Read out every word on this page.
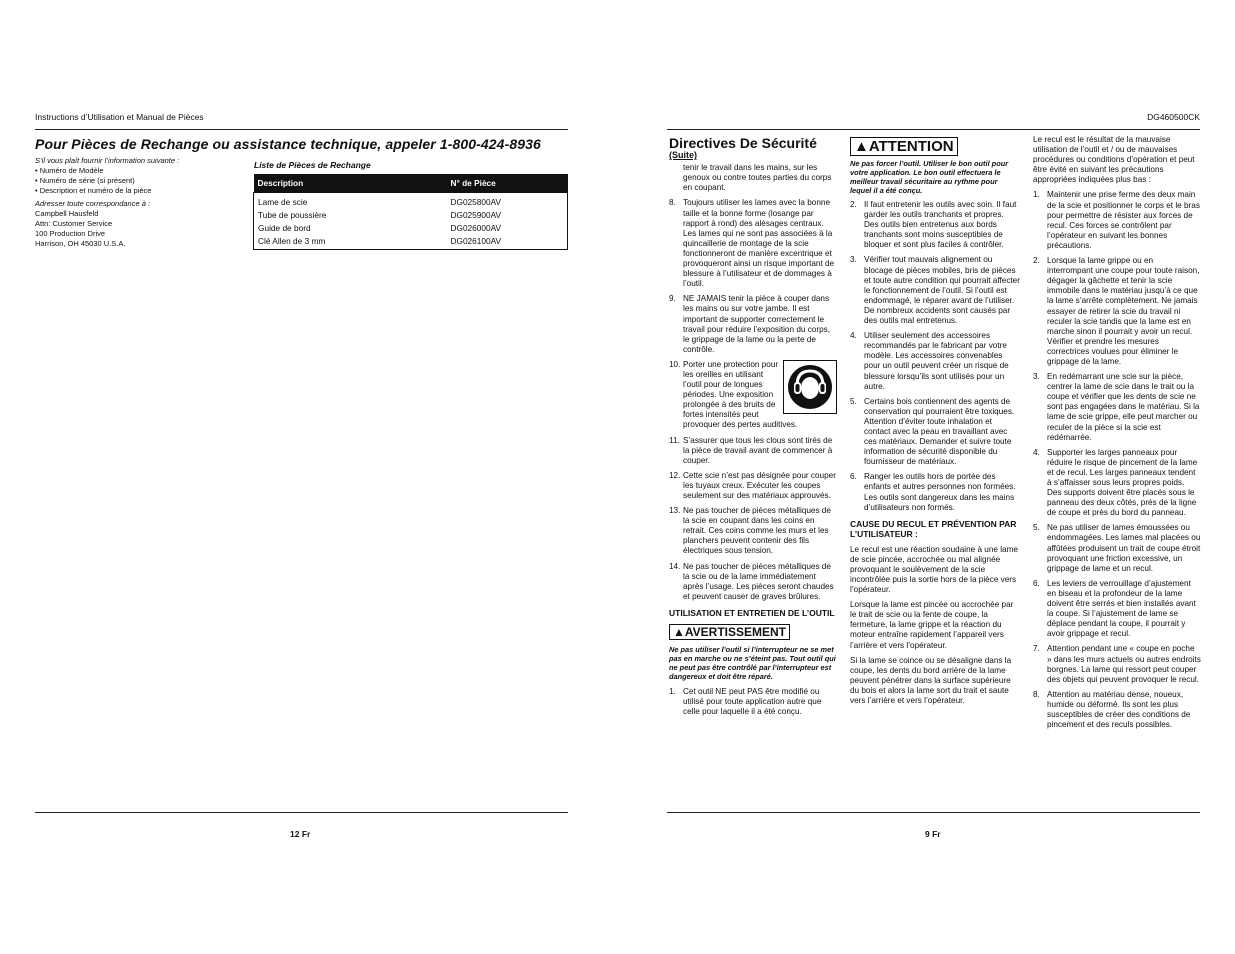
Instructions d’Utilisation et Manual de Pièces
Pour Pièces de Rechange ou assistance technique, appeler 1-800-424-8936
S’il vous plaît fournir l’information suivante :
• Numéro de Modèle
• Numéro de série (si présent)
• Description et numéro de la pièce
Adresser toute correspondance à :
Campbell Hausfeld
Attn: Customer Service
100 Production Drive
Harrison, OH 45030 U.S.A.
Liste de Pièces de Rechange
Description	N° de Pièce
Lame de scie	DG025800AV
Tube de poussière	DG025900AV
Guide de bord	DG026000AV
Clé Allen de 3 mm	DG026100AV
12 Fr
DG460500CK
Directives De Sécurité
(Suite)

tenir le travail dans les mains, sur les genoux ou contre toutes parties du corps en coupant.

8. Toujours utiliser les lames avec la bonne taille et la bonne forme (losange par rapport à rond) des alésages centraux. Les lames qui ne sont pas associées à la quincaillerie de montage de la scie fonctionneront de manière excentrique et provoqueront ainsi un risque important de blessure à l’utilisateur et de dommages à l’outil.
9. NE JAMAIS tenir la pièce à couper dans les mains ou sur votre jambe. Il est important de supporter correctement le travail pour réduire l’exposition du corps, le grippage de la lame ou la perte de contrôle.
10. Porter une protection pour les oreilles en utilisant l’outil pour de longues périodes. Une exposition prolongée à des bruits de fortes intensités peut provoquer des pertes auditives.
11. S’assurer que tous les clous sont tirés de la pièce de travail avant de commencer à couper.
12. Cette scie n’est pas désignée pour couper les tuyaux creux. Exécuter les coupes seulement sur des matériaux approuvés.
13. Ne pas toucher de pièces métalliques de la scie en coupant dans les coins en retrait. Ces coins comme les murs et les planchers peuvent contenir des fils électriques sous tension.
14. Ne pas toucher de pièces métalliques de la scie ou de la lame immédiatement après l’usage. Les pièces seront chaudes et peuvent causer de graves brûlures.
UTILISATION ET ENTRETIEN DE L’OUTIL
▲AVERTISSEMENT
Ne pas utiliser l’outil si l’interrupteur ne se met pas en marche ou ne s’éteint pas. Tout outil qui ne peut pas être contrôlé par l’interrupteur est dangereux et doit être réparé.
1. Cet outil NE peut PAS être modifié ou utilisé pour toute application autre que celle pour laquelle il a été conçu.
▲ATTENTION
Ne pas forcer l’outil. Utiliser le bon outil pour votre application. Le bon outil effectuera le meilleur travail sécuritaire au rythme pour lequel il a été conçu.
2. Il faut entretenir les outils avec soin. Il faut garder les outils tranchants et propres. Des outils bien entretenus aux bords tranchants sont moins susceptibles de bloquer et sont plus faciles à contrôler.
3. Vérifier tout mauvais alignement ou blocage de pièces mobiles, bris de pièces et toute autre condition qui pourrait affecter le fonctionnement de l’outil. Si l’outil est endommagé, le réparer avant de l’utiliser. De nombreux accidents sont causés par des outils mal entretenus.
4. Utiliser seulement des accessoires recommandés par le fabricant par votre modèle. Les accessoires convenables pour un outil peuvent créer un risque de blessure lorsqu’ils sont utilisés pour un autre.
5. Certains bois contiennent des agents de conservation qui pourraient être toxiques. Attention d’éviter toute inhalation et contact avec la peau en travaillant avec ces matériaux. Demander et suivre toute information de sécurité disponible du fournisseur de matériaux.
6. Ranger les outils hors de portée des enfants et autres personnes non formées. Les outils sont dangereux dans les mains d’utilisateurs non formés.
CAUSE DU RECUL ET PRÉVENTION PAR L’UTILISATEUR :

Le recul est une réaction soudaine à une lame de scie pincée, accrochée ou mal alignée provoquant le soulèvement de la scie incontrôlée puis la sortie hors de la pièce vers l’opérateur.

Lorsque la lame est pincée ou accrochée par le trait de scie ou la fente de coupe, la fermeture, la lame grippe et la réaction du moteur entraîne rapidement l’appareil vers l’arrière et vers l’opérateur.

Si la lame se coince ou se désaligne dans la coupe, les dents du bord arrière de la lame peuvent pénétrer dans la surface supérieure du bois et alors la lame sort du trait et saute vers l’arrière et vers l’opérateur.

Le recul est le résultat de la mauvaise utilisation de l’outil et / ou de mauvaises procédures ou conditions d’opération et peut être évité en suivant les précautions appropriées indiquées plus bas :

1. Maintenir une prise ferme des deux main de la scie et positionner le corps et le bras pour permettre de résister aux forces de recul. Ces forces se contrôlent par l’opérateur en suivant les bonnes précautions.
2. Lorsque la lame grippe ou en interrompant une coupe pour toute raison, dégager la gâchette et tenir la scie immobile dans le matériau jusqu’à ce que la lame s’arrête complètement. Ne jamais essayer de retirer la scie du travail ni reculer la scie tandis que la lame est en marche sinon il pourrait y avoir un recul. Vérifier et prendre les mesures correctrices voulues pour éliminer le grippage de la lame.
3. En redémarrant une scie sur la pièce, centrer la lame de scie dans le trait ou la coupe et vérifier que les dents de scie ne sont pas engagées dans le matériau. Si la lame de scie grippe, elle peut marcher ou reculer de la pièce si la scie est redémarrée.
4. Supporter les larges panneaux pour réduire le risque de pincement de la lame et de recul. Les larges panneaux tendent à s’affaisser sous leurs propres poids. Des supports doivent être placés sous le panneau des deux côtés, près de la ligne de coupe et près du bord du panneau.
5. Ne pas utiliser de lames émoussées ou endommagées. Les lames mal placées ou affûtées produisent un trait de coupe étroit provoquant une friction excessive, un grippage de lame et un recul.
6. Les leviers de verrouillage d’ajustement en biseau et la profondeur de la lame doivent être serrés et bien installés avant la coupe. Si l’ajustement de lame se déplace pendant la coupe, il pourrait y avoir grippage et recul.
7. Attention pendant une « coupe en poche » dans les murs actuels ou autres endroits borgnes. La lame qui ressort peut couper des objets qui peuvent provoquer le recul.
8. Attention au matériau dense, noueux, humide ou déformé. Ils sont les plus susceptibles de créer des conditions de pincement et des reculs possibles.
9 Fr
